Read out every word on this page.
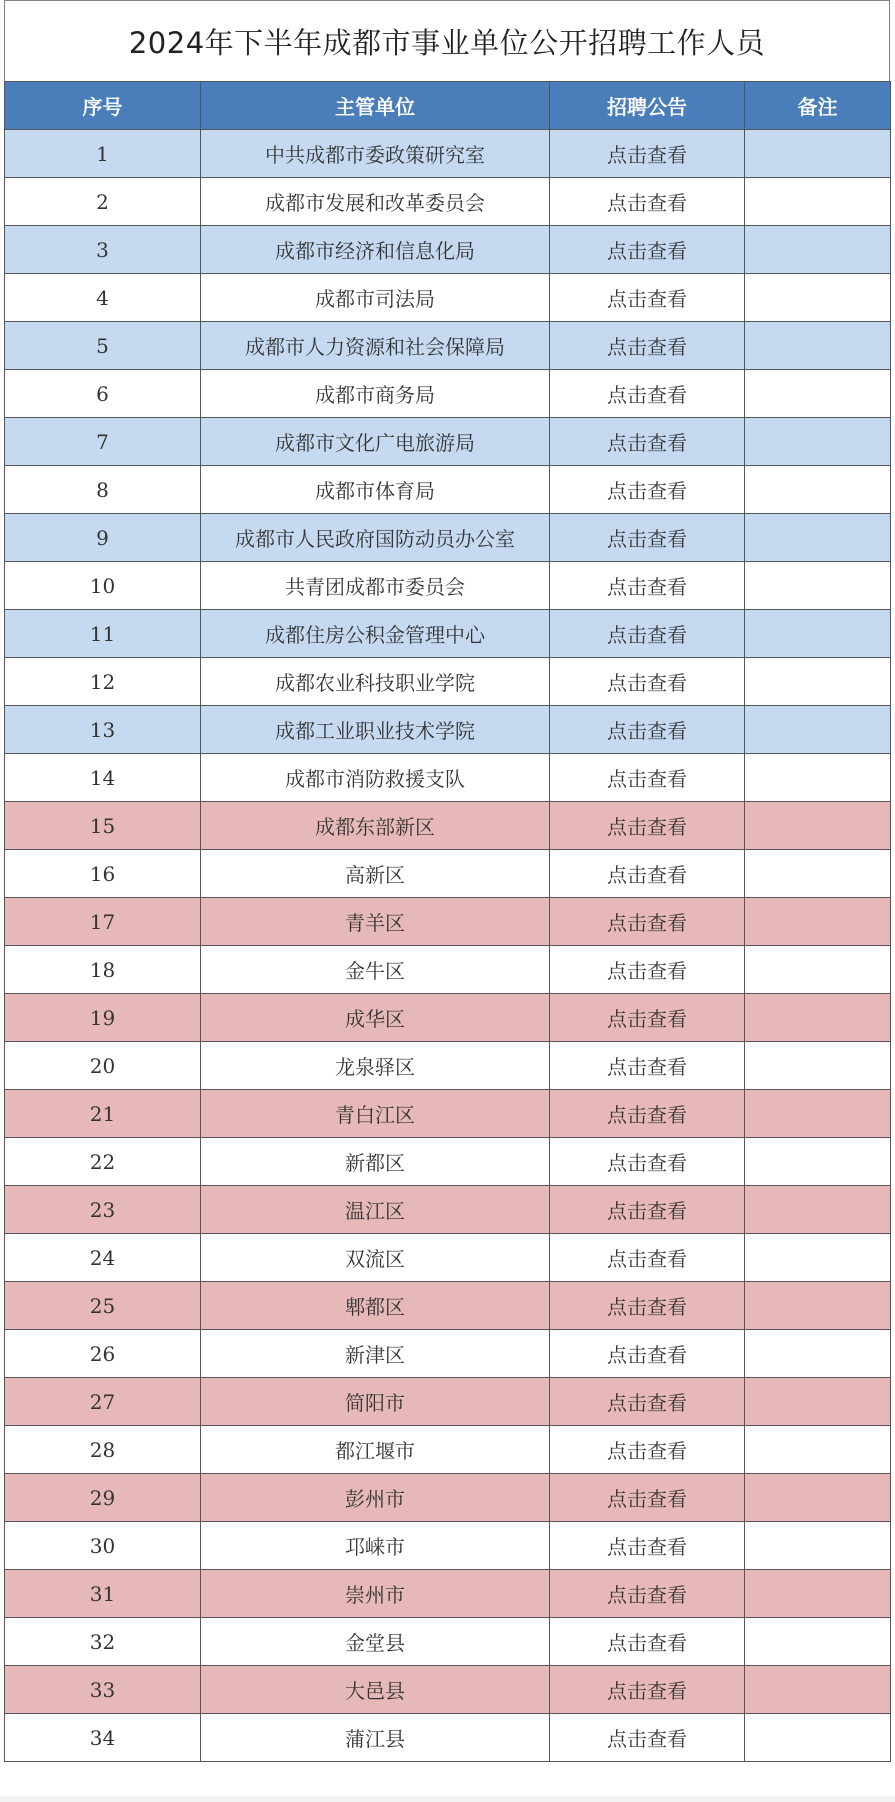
2024年下半年成都市事业单位公开招聘工作人员
序号	主管单位	招聘公告	备注
1	中共成都市委政策研究室	点击查看	
2	成都市发展和改革委员会	点击查看	
3	成都市经济和信息化局	点击查看	
4	成都市司法局	点击查看	
5	成都市人力资源和社会保障局	点击查看	
6	成都市商务局	点击查看	
7	成都市文化广电旅游局	点击查看	
8	成都市体育局	点击查看	
9	成都市人民政府国防动员办公室	点击查看	
10	共青团成都市委员会	点击查看	
11	成都住房公积金管理中心	点击查看	
12	成都农业科技职业学院	点击查看	
13	成都工业职业技术学院	点击查看	
14	成都市消防救援支队	点击查看	
15	成都东部新区	点击查看	
16	高新区	点击查看	
17	青羊区	点击查看	
18	金牛区	点击查看	
19	成华区	点击查看	
20	龙泉驿区	点击查看	
21	青白江区	点击查看	
22	新都区	点击查看	
23	温江区	点击查看	
24	双流区	点击查看	
25	郫都区	点击查看	
26	新津区	点击查看	
27	简阳市	点击查看	
28	都江堰市	点击查看	
29	彭州市	点击查看	
30	邛崃市	点击查看	
31	崇州市	点击查看	
32	金堂县	点击查看	
33	大邑县	点击查看	
34	蒲江县	点击查看	
